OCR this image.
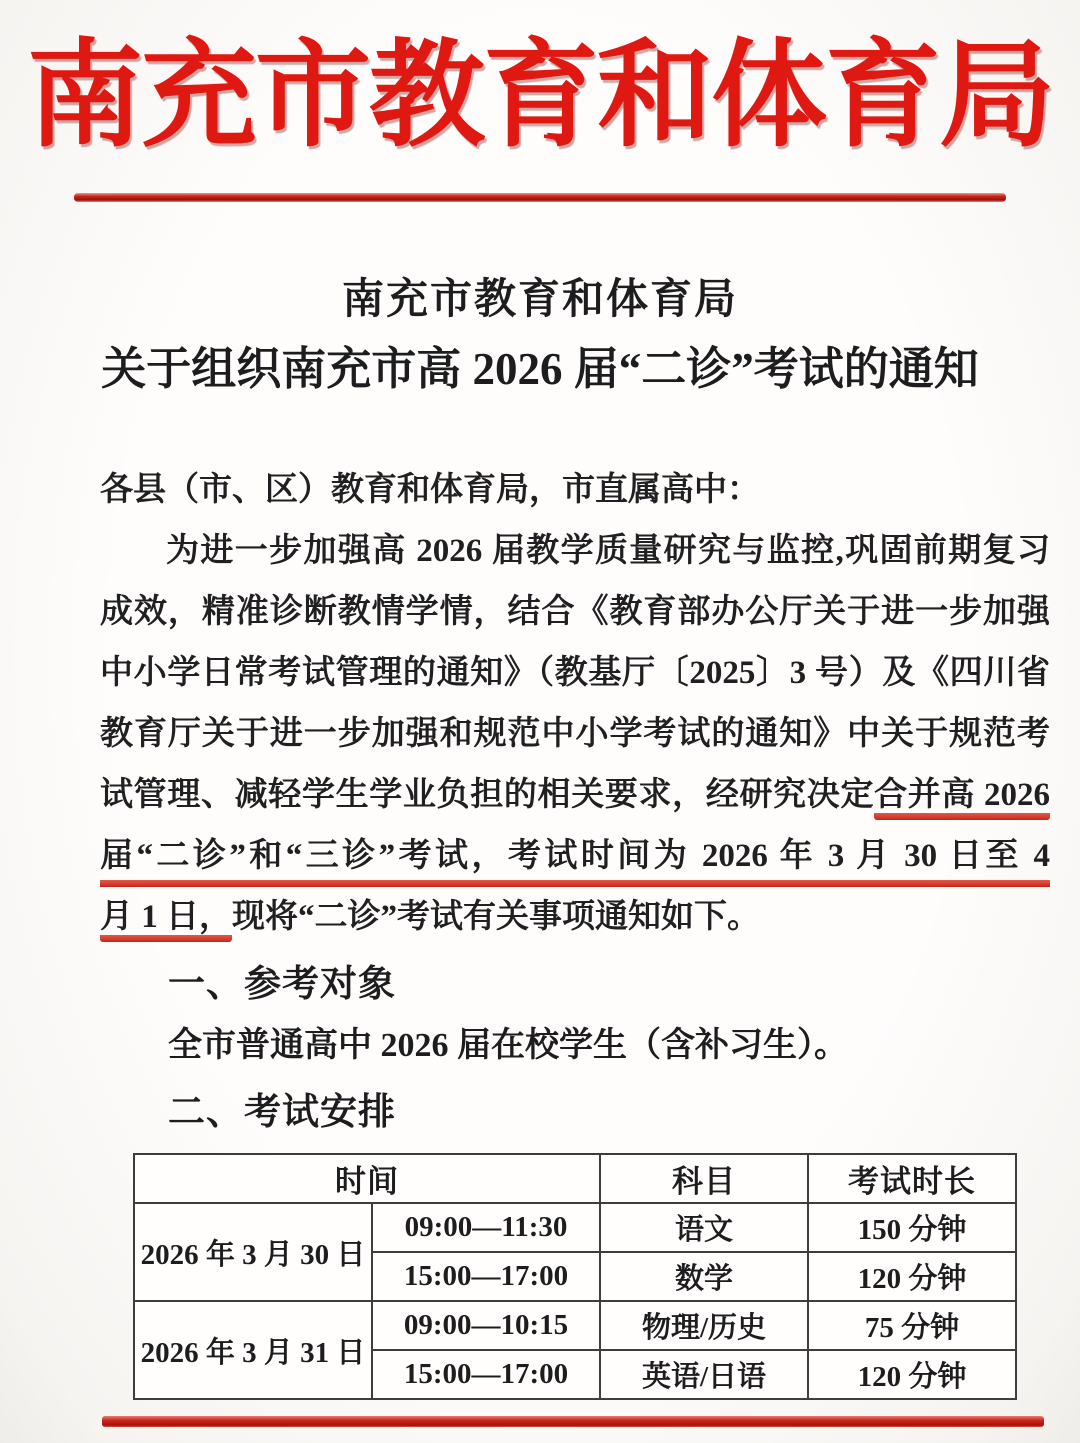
南充市教育和体育局
南充市教育和体育局
关于组织南充市高 2026 届“二诊”考试的通知
各县（市、区）教育和体育局，市直属高中：
为进一步加强高 2026 届教学质量研究与监控,巩固前期复习
成效，精准诊断教情学情，结合《教育部办公厅关于进一步加强
中小学日常考试管理的通知》（教基厅〔2025〕3 号）及《四川省
教育厅关于进一步加强和规范中小学考试的通知》中关于规范考
试管理、减轻学生学业负担的相关要求，经研究决定合并高 2026
届“二诊”和“三诊”考试，考试时间为 2026 年 3 月 30 日至 4
月 1 日，现将“二诊”考试有关事项通知如下。
一、参考对象
全市普通高中 2026 届在校学生（含补习生）。
二、考试安排
时间		科目	考试时长
2026 年 3 月 30 日	09:00—11:30	语文	150 分钟
	15:00—17:00	数学	120 分钟
2026 年 3 月 31 日	09:00—10:15	物理/历史	75 分钟
	15:00—17:00	英语/日语	120 分钟
